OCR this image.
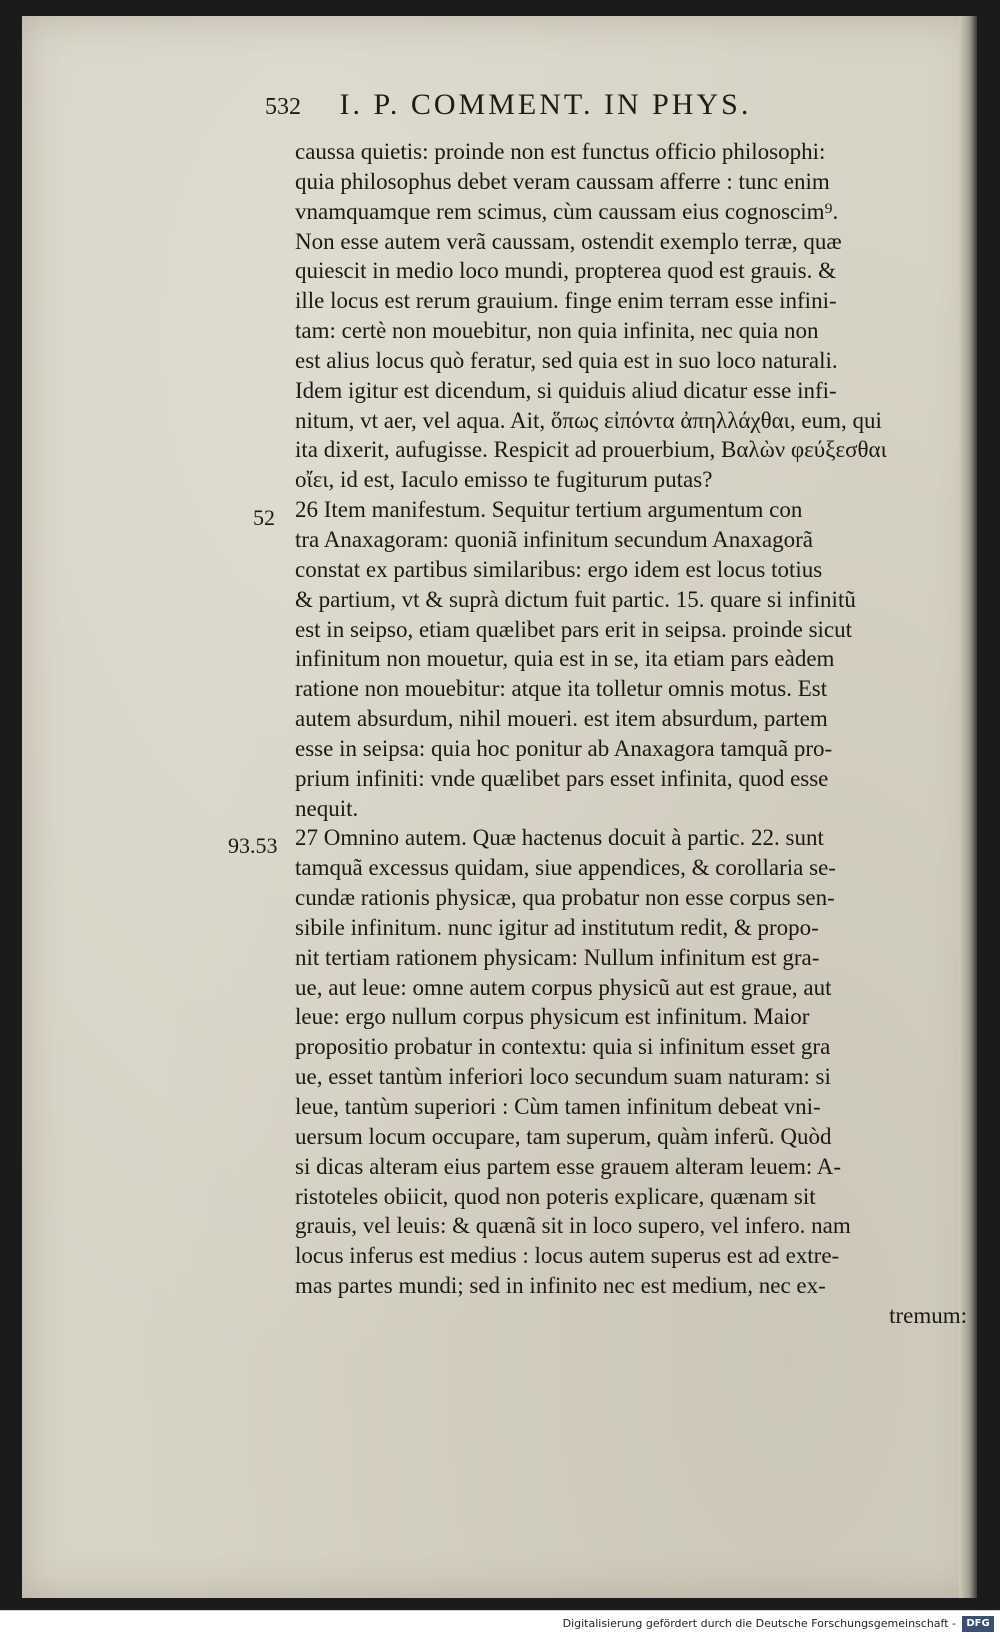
532 I. P. COMMENT. IN PHYS.
52
93.53
caussa quietis: proinde non est functus officio philosophi:
quia philosophus debet veram caussam afferre : tunc enim
vnamquamque rem scimus, cùm caussam eius cognoscim⁹.
Non esse autem verã caussam, ostendit exemplo terræ, quæ
quiescit in medio loco mundi, propterea quod est grauis. &
ille locus est rerum grauium. finge enim terram esse infini-
tam: certè non mouebitur, non quia infinita, nec quia non
est alius locus quò feratur, sed quia est in suo loco naturali.
Idem igitur est dicendum, si quiduis aliud dicatur esse infi-
nitum, vt aer, vel aqua. Ait, ὅπως εἰπόντα ἀπηλλάχθαι, eum, qui
ita dixerit, aufugisse. Respicit ad prouerbium, Βαλὼν φεύξεσθαι
οἴει, id est, Iaculo emisso te fugiturum putas?
26 Item manifestum. Sequitur tertium argumentum con
tra Anaxagoram: quoniã infinitum secundum Anaxagorã
constat ex partibus similaribus: ergo idem est locus totius
& partium, vt & suprà dictum fuit partic. 15. quare si infinitũ
est in seipso, etiam quælibet pars erit in seipsa. proinde sicut
infinitum non mouetur, quia est in se, ita etiam pars eàdem
ratione non mouebitur: atque ita tolletur omnis motus. Est
autem absurdum, nihil moueri. est item absurdum, partem
esse in seipsa: quia hoc ponitur ab Anaxagora tamquã pro-
prium infiniti: vnde quælibet pars esset infinita, quod esse
nequit.
27 Omnino autem. Quæ hactenus docuit à partic. 22. sunt
tamquã excessus quidam, siue appendices, & corollaria se-
cundæ rationis physicæ, qua probatur non esse corpus sen-
sibile infinitum. nunc igitur ad institutum redit, & propo-
nit tertiam rationem physicam: Nullum infinitum est gra-
ue, aut leue: omne autem corpus physicũ aut est graue, aut
leue: ergo nullum corpus physicum est infinitum. Maior
propositio probatur in contextu: quia si infinitum esset gra
ue, esset tantùm inferiori loco secundum suam naturam: si
leue, tantùm superiori : Cùm tamen infinitum debeat vni-
uersum locum occupare, tam superum, quàm inferũ. Quòd
si dicas alteram eius partem esse grauem alteram leuem: A-
ristoteles obiicit, quod non poteris explicare, quænam sit
grauis, vel leuis: & quænã sit in loco supero, vel infero. nam
locus inferus est medius : locus autem superus est ad extre-
mas partes mundi; sed in infinito nec est medium, nec ex-
tremum:
Digitalisierung gefördert durch die Deutsche Forschungsgemeinschaft -	DFG
